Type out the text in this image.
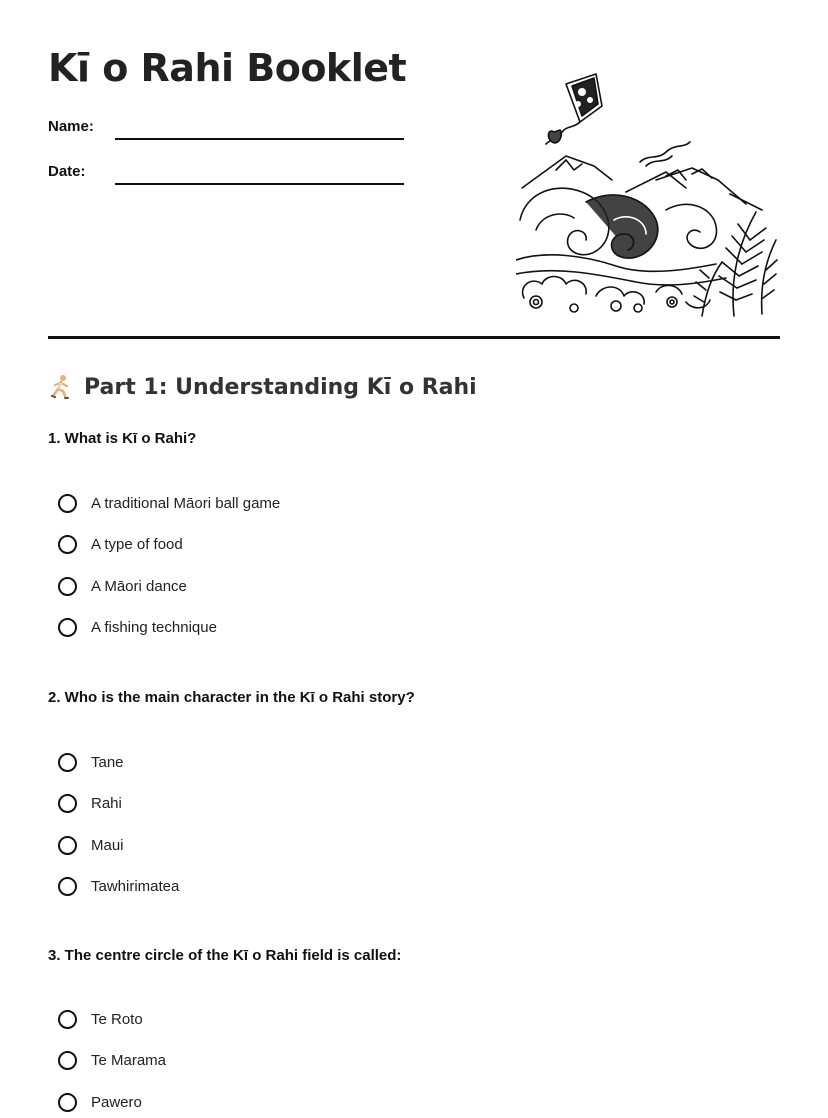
Kī o Rahi Booklet
Name:
Date:
Part 1: Understanding Kī o Rahi

1. What is Kī o Rahi?

A traditional Māori ball game
A type of food
A Māori dance
A fishing technique

2. Who is the main character in the Kī o Rahi story?

Tane
Rahi
Maui
Tawhirimatea

3. The centre circle of the Kī o Rahi field is called:

Te Roto
Te Marama
Pawero
